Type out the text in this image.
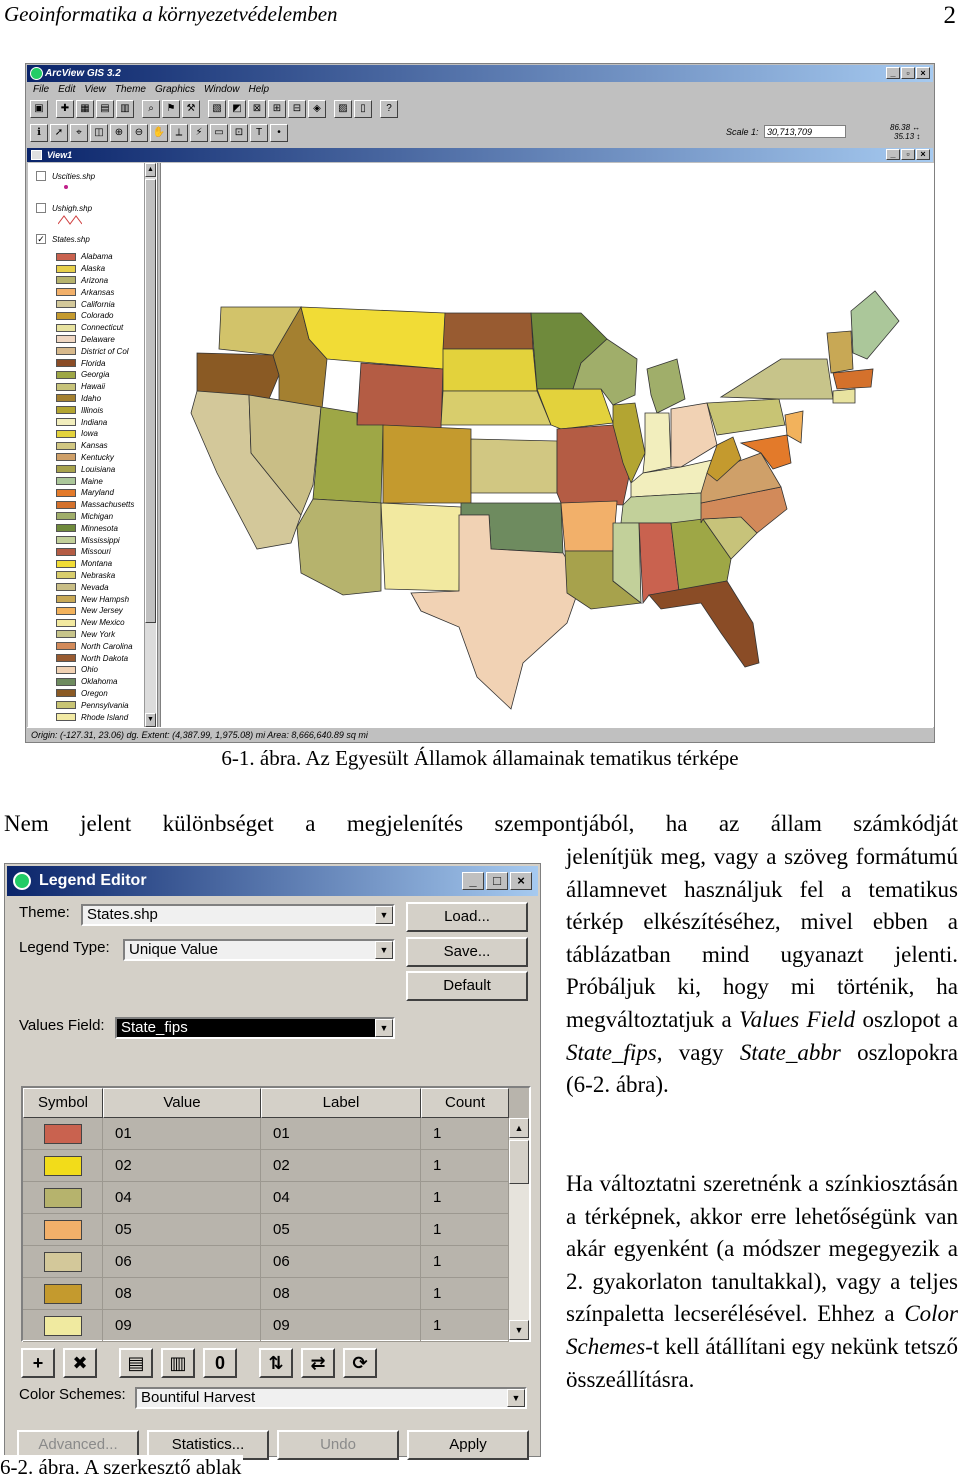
Geoinformatika a környezetvédelemben	2
ArcView GIS 3.2	_	▫	×
File Edit View Theme Graphics Window Help
▣	✚	▦	▤	▥	⌕	⚑	⚒	▧	◩	⊠	⊞	⊟	◈	▨	▯	?
ℹ	➚	⌖	◫	⊕	⊖ ✋	⟂	⚡	▭	⊡	T	•	Scale 1: 30,713,709	86.38 ↔
35.13 ↕
View1	_	▫	×
Uscities.shp
Ushigh.shp
✓ States.shp
Alabama
Alaska
Arizona
Arkansas
California
Colorado
Connecticut
Delaware
District of Col
Florida
Georgia
Hawaii
Idaho
Illinois
Indiana
Iowa
Kansas
Kentucky
Louisiana
Maine
Maryland
Massachusetts
Michigan
Minnesota
Mississippi
Missouri
Montana
Nebraska
Nevada
New Hampsh
New Jersey
New Mexico
New York
North Carolina
North Dakota
Ohio
Oklahoma
Oregon
Pennsylvania
Rhode Island
▲
▼
Origin: (-127.31, 23.06) dg. Extent: (4,387.99, 1,975.08) mi Area: 8,666,640.89 sq mi
6-1. ábra. Az Egyesült Államok államainak tematikus térképe
Nem jelent különbséget a megjelenítés szempontjából, ha az állam számkódját
jelenítjük meg, vagy a szöveg formátumú államnevet használjuk fel a tematikus térkép elkészítéséhez, mivel ebben a táblázatban mind ugyanazt jelenti. Próbáljuk ki, hogy mi történik, ha megváltoztatjuk a Values Field oszlopot a State_fips, vagy State_abbr oszlopokra (6-2. ábra).
Ha változtatni szeretnénk a színkiosztásán a térképnek, akkor erre lehetőségünk van akár egyenként (a módszer megegyezik a 2. gyakorlaton tanultakkal), vagy a teljes színpaletta lecserélésével. Ehhez a Color Schemes-t kell átállítani egy nekünk tetsző összeállításra.
Legend Editor	_	□	×
Theme:	States.shp	▼
Legend Type:	Unique Value	▼
Values Field:	State_fips	▼
Load...
Save...
Default
Symbol	Value	Label	Count
01	01	1
02	02	1
04	04	1
05	05	1
06	06	1
08	08	1
09	09	1
▲
▼
+	✖	▤	▥	0	⇅	⇄	⟳
Color Schemes:	Bountiful Harvest	▼
Advanced...	Statistics...	Undo	Apply
6-2. ábra. A szerkesztő ablak
